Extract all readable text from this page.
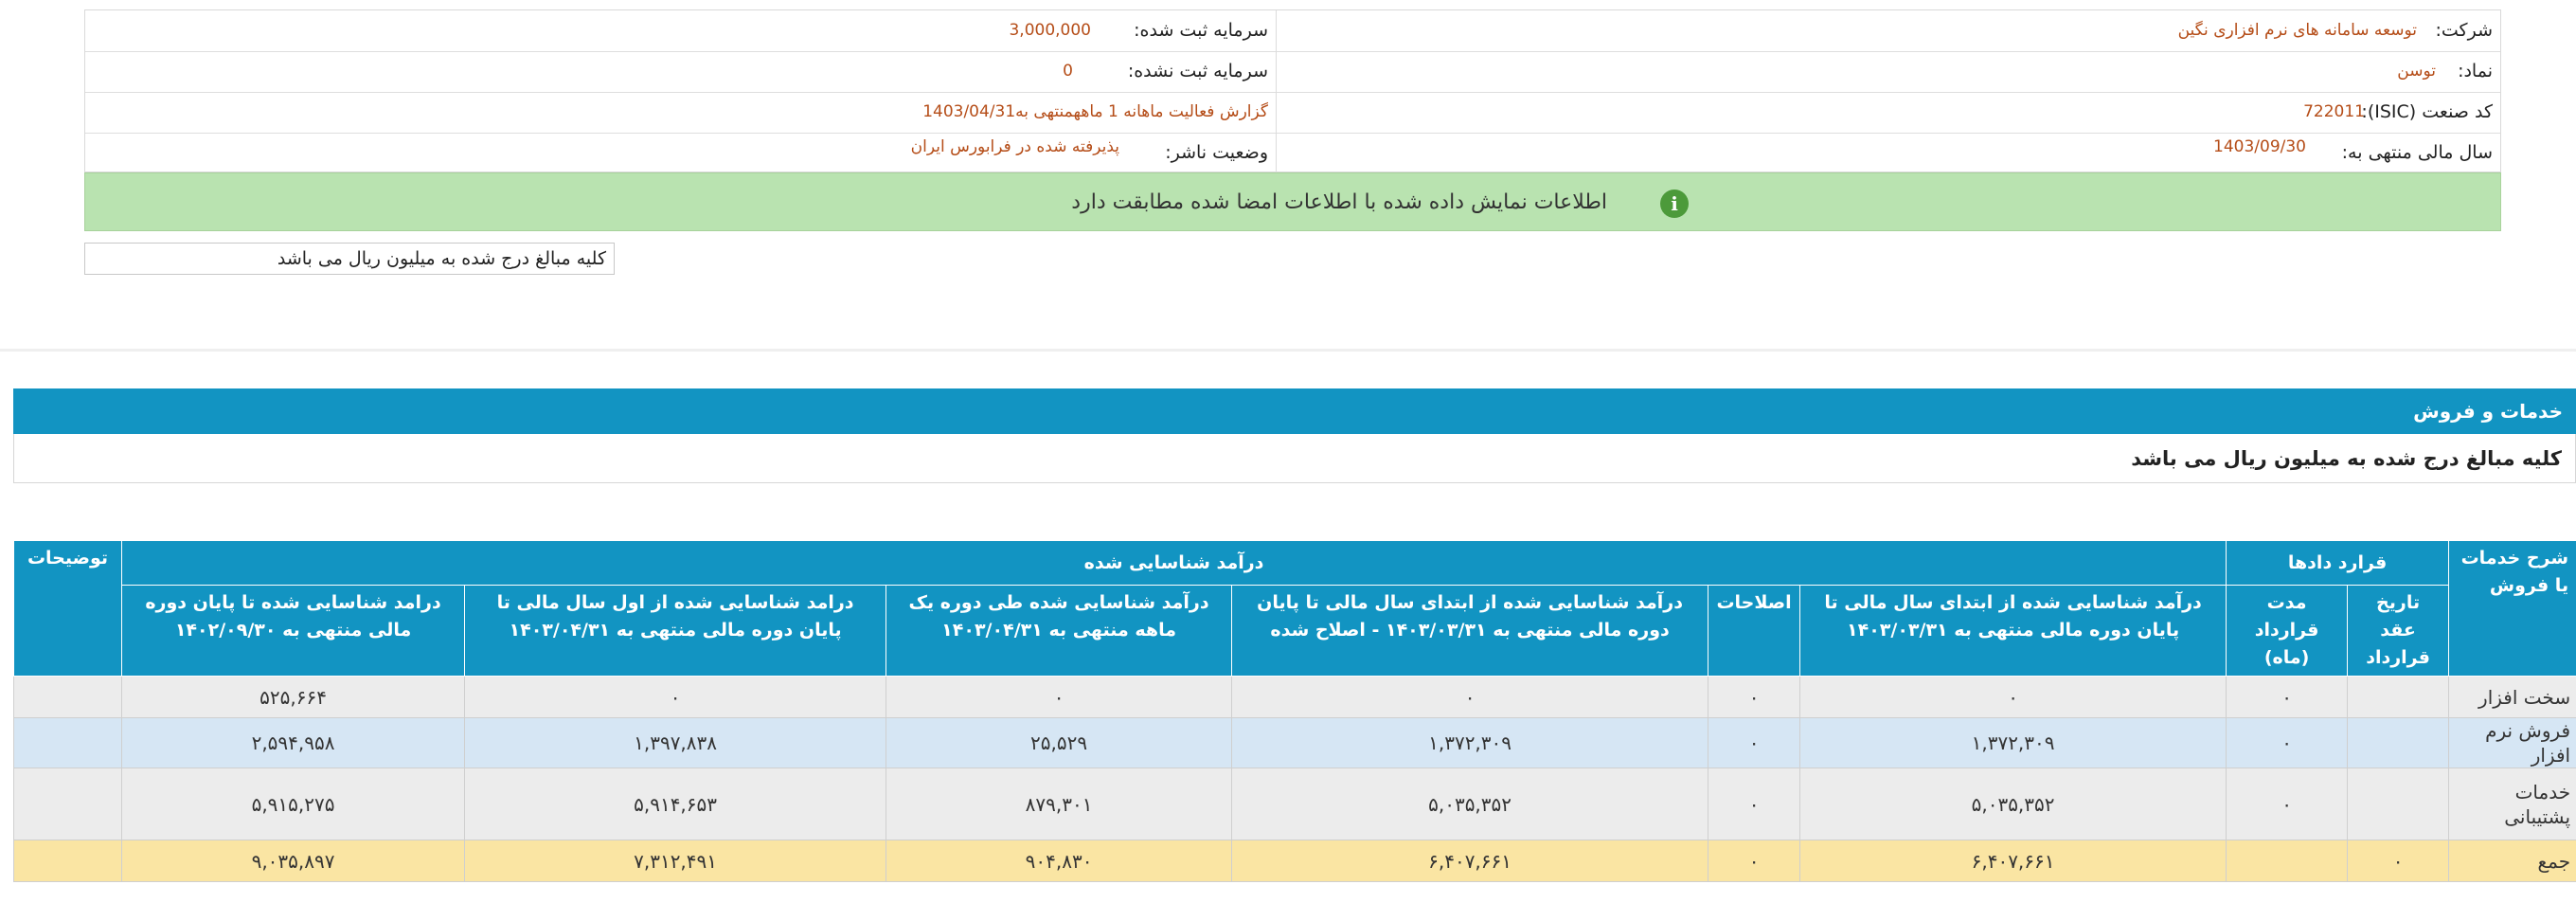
شرکت:
توسعه سامانه های نرم افزاری نگین
سرمایه ثبت شده:
3,000,000
نماد:
توسن
سرمایه ثبت نشده:
0
کد صنعت (ISIC):
722011
گزارش فعالیت ماهانه 1 ماههمنتهی به1403/04/31
سال مالی منتهی به:
1403/09/30
وضعیت ناشر:
پذیرفته شده در فرابورس ایران
i
اطلاعات نمایش داده شده با اطلاعات امضا شده مطابقت دارد
کلیه مبالغ درج شده به میلیون ریال می باشد
خدمات و فروش
کلیه مبالغ درج شده به میلیون ریال می باشد
شرح خدمات یا فروش	قرارد دادها		درآمد شناسایی شده						توضیحات
	تاریخ عقد قرارداد	مدت قرارداد (ماه)	درآمد شناسایی شده از ابتدای سال مالی تا پایان دوره مالی منتهی به ۱۴۰۳/۰۳/۳۱	اصلاحات	درآمد شناسایی شده از ابتدای سال مالی تا پایان دوره مالی منتهی به ۱۴۰۳/۰۳/۳۱ - اصلاح شده	درآمد شناسایی شده طی دوره یک ماهه منتهی به ۱۴۰۳/۰۴/۳۱	درامد شناسایی شده از اول سال مالی تا پایان دوره مالی منتهی به ۱۴۰۳/۰۴/۳۱	درامد شناسایی شده تا پایان دوره مالی منتهی به ۱۴۰۲/۰۹/۳۰	
سخت افزار		۰	۰	۰	۰	۰	۰	۵۲۵,۶۶۴	
فروش نرم افزار		۰	۱,۳۷۲,۳۰۹	۰	۱,۳۷۲,۳۰۹	۲۵,۵۲۹	۱,۳۹۷,۸۳۸	۲,۵۹۴,۹۵۸	
خدمات پشتیبانی		۰	۵,۰۳۵,۳۵۲	۰	۵,۰۳۵,۳۵۲	۸۷۹,۳۰۱	۵,۹۱۴,۶۵۳	۵,۹۱۵,۲۷۵	
جمع	۰		۶,۴۰۷,۶۶۱	۰	۶,۴۰۷,۶۶۱	۹۰۴,۸۳۰	۷,۳۱۲,۴۹۱	۹,۰۳۵,۸۹۷	
